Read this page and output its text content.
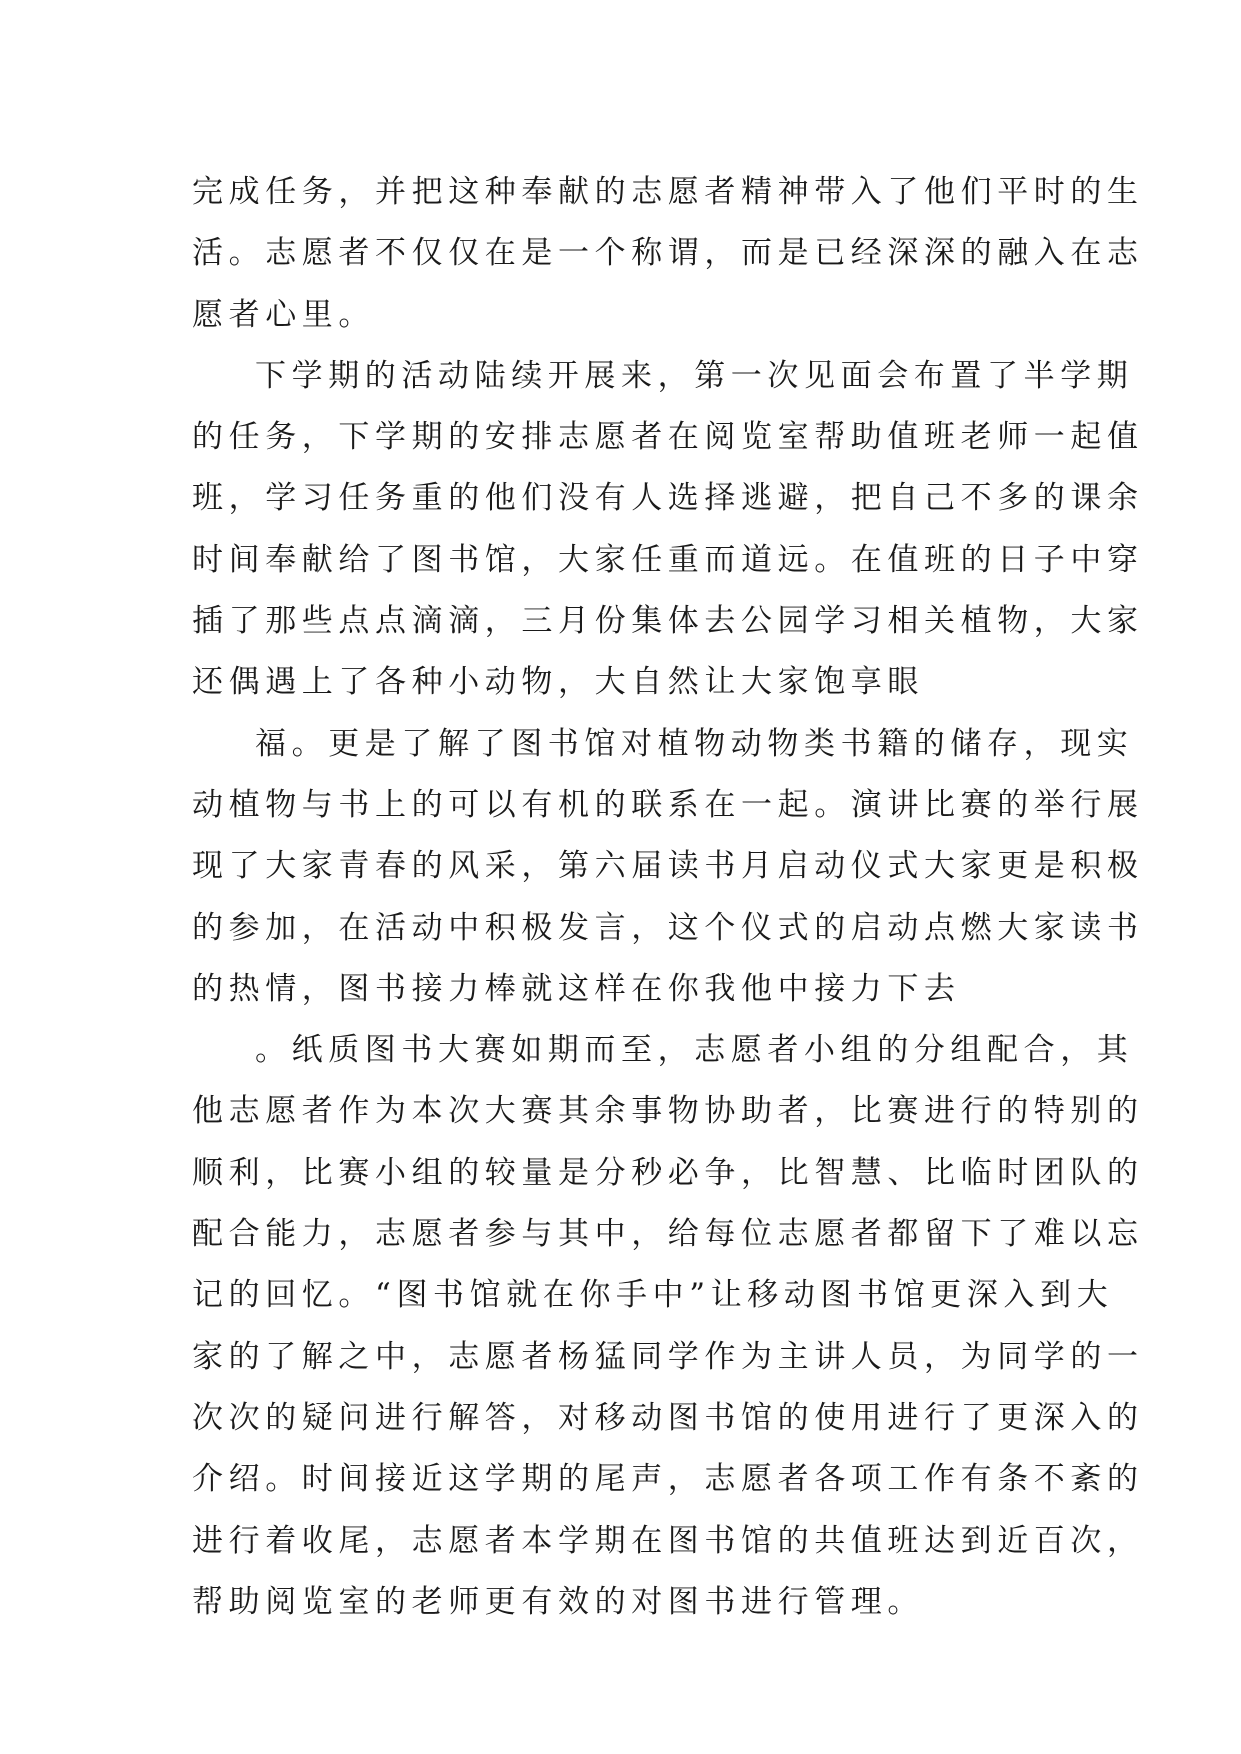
完成任务，并把这种奉献的志愿者精神带入了他们平时的生
活。志愿者不仅仅在是一个称谓，而是已经深深的融入在志
愿者心里。
下学期的活动陆续开展来，第一次见面会布置了半学期
的任务，下学期的安排志愿者在阅览室帮助值班老师一起值
班，学习任务重的他们没有人选择逃避，把自己不多的课余
时间奉献给了图书馆，大家任重而道远。在值班的日子中穿
插了那些点点滴滴，三月份集体去公园学习相关植物，大家
还偶遇上了各种小动物，大自然让大家饱享眼
福。更是了解了图书馆对植物动物类书籍的储存，现实
动植物与书上的可以有机的联系在一起。演讲比赛的举行展
现了大家青春的风采，第六届读书月启动仪式大家更是积极
的参加，在活动中积极发言，这个仪式的启动点燃大家读书
的热情，图书接力棒就这样在你我他中接力下去
。纸质图书大赛如期而至，志愿者小组的分组配合，其
他志愿者作为本次大赛其余事物协助者，比赛进行的特别的
顺利，比赛小组的较量是分秒必争，比智慧、比临时团队的
配合能力，志愿者参与其中，给每位志愿者都留下了难以忘
记的回忆。“图书馆就在你手中”让移动图书馆更深入到大
家的了解之中，志愿者杨猛同学作为主讲人员，为同学的一
次次的疑问进行解答，对移动图书馆的使用进行了更深入的
介绍。时间接近这学期的尾声，志愿者各项工作有条不紊的
进行着收尾，志愿者本学期在图书馆的共值班达到近百次，
帮助阅览室的老师更有效的对图书进行管理。
